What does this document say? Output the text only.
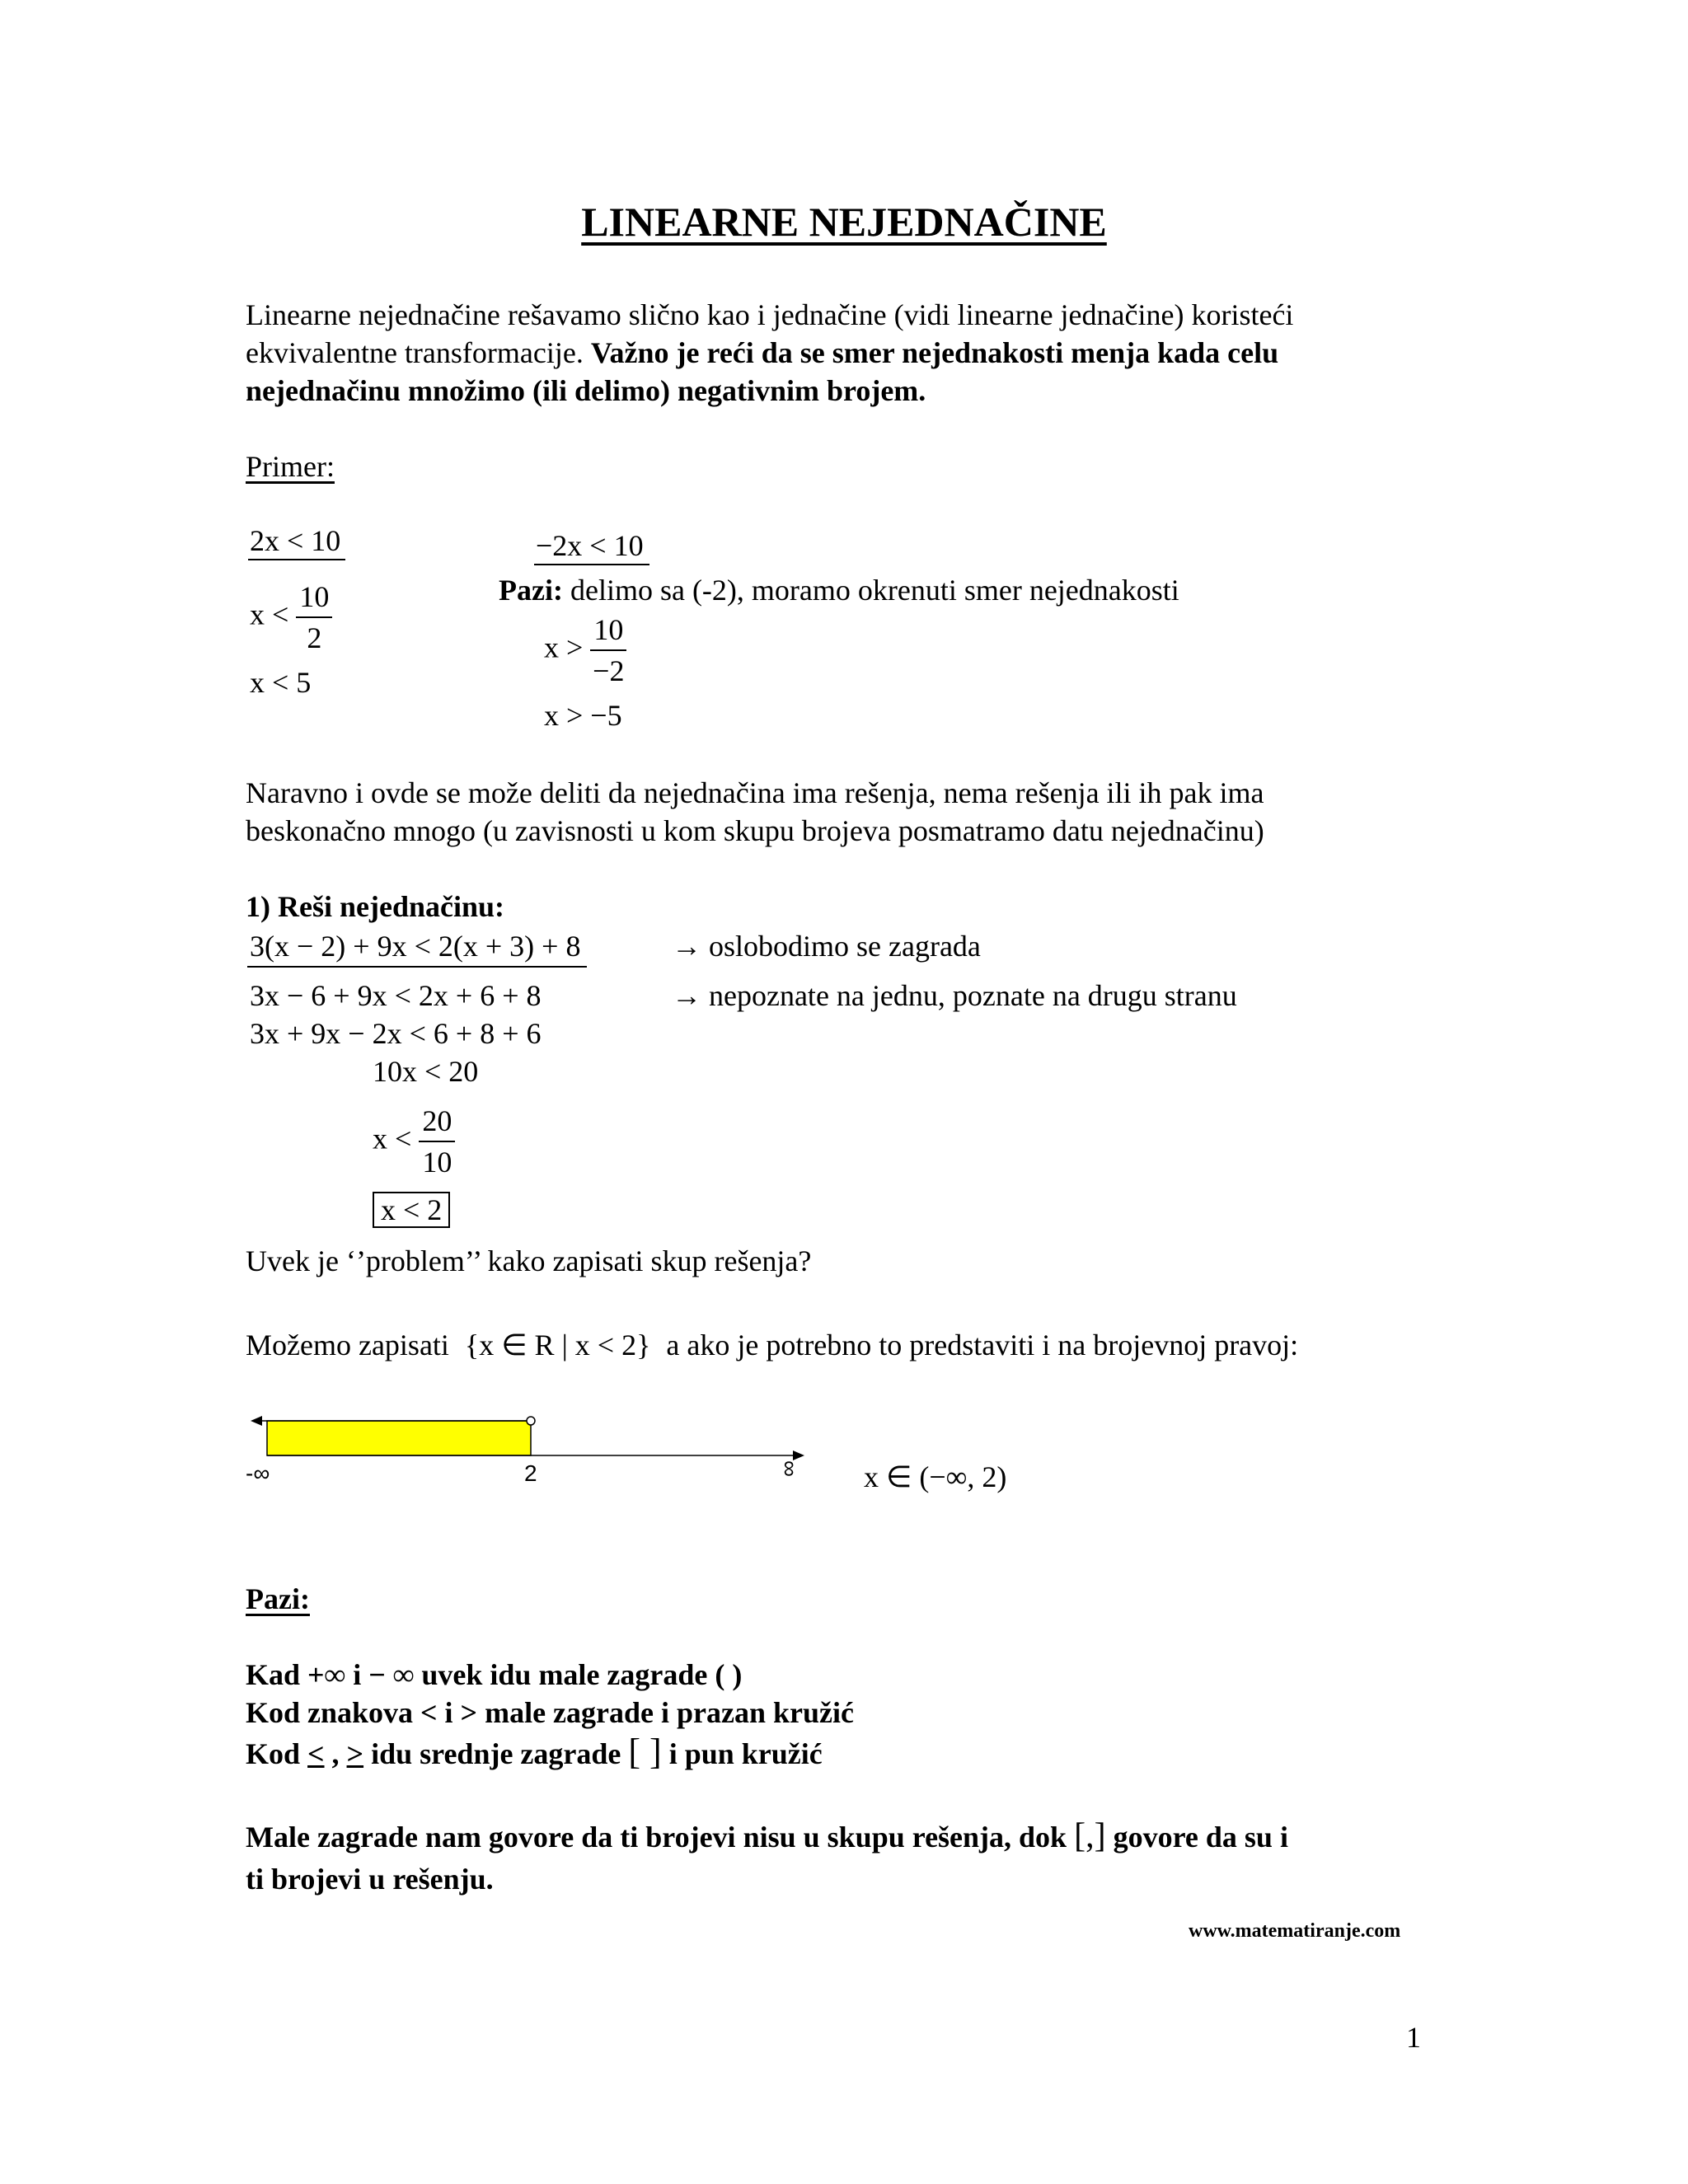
LINEARNE NEJEDNAČINE
Linearne nejednačine rešavamo slično kao i jednačine (vidi linearne jednačine) koristeći
ekvivalentne transformacije. Važno je reći da se smer nejednakosti menja kada celu
nejednačinu množimo (ili delimo) negativnim brojem.
Primer:
2x < 10
$x < \frac{10}{2}$
x < 5
−2x < 10
Pazi: delimo sa (-2), moramo okrenuti smer nejednakosti
$x > \frac{10}{-2}$
x > −5
Naravno i ovde se može deliti da nejednačina ima rešenja, nema rešenja ili ih pak ima
beskonačno mnogo (u zavisnosti u kom skupu brojeva posmatramo datu nejednačinu)
1) Reši nejednačinu:
3(x − 2) + 9x < 2(x + 3) + 8	→ oslobodimo se zagrada
3x − 6 + 9x < 2x + 6 + 8	→ nepoznate na jednu, poznate na drugu stranu
3x + 9x − 2x < 6 + 8 + 6
10x < 20
$x < \frac{20}{10}$
x < 2
Uvek je ‘’problem’’ kako zapisati skup rešenja?
Možemo zapisati {x ∈ R | x < 2} a ako je potrebno to predstaviti i na brojevnoj pravoj:
-∞	2	∞ x ∈ (−∞, 2)
Pazi:
Kad +∞ i − ∞ uvek idu male zagrade ( )
Kod znakova < i > male zagrade i prazan kružić
Kod < , > idu srednje zagrade [ ] i pun kružić
Male zagrade nam govore da ti brojevi nisu u skupu rešenja, dok [,] govore da su i
ti brojevi u rešenju.
www.matematiranje.com
1
